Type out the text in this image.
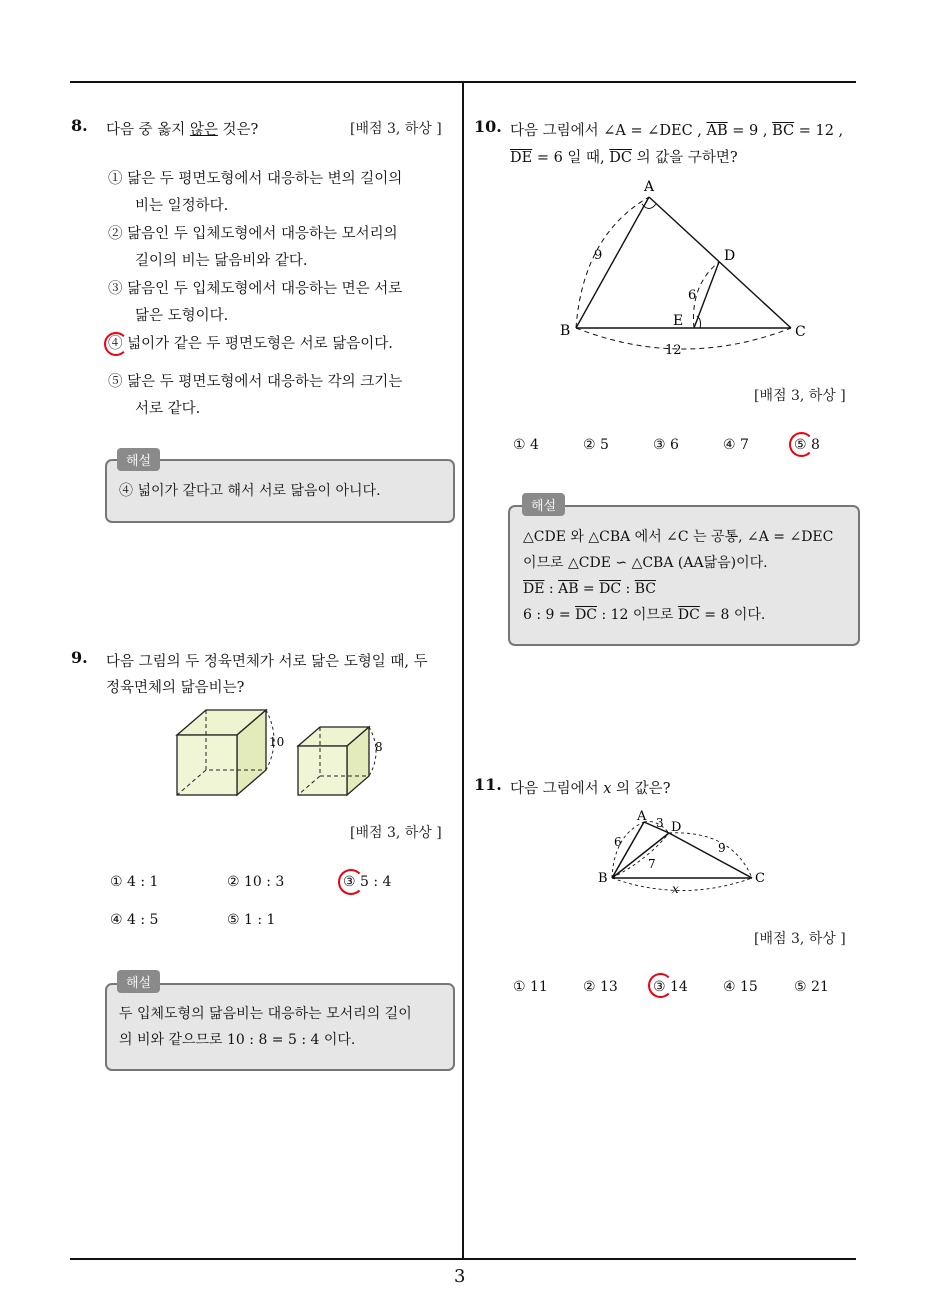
3
8. 다음 중 옳지 않은 것은?	[배점 3, 하상 ]
① 닮은 두 평면도형에서 대응하는 변의 길이의
비는 일정하다.
② 닮음인 두 입체도형에서 대응하는 모서리의
길이의 비는 닮음비와 같다.
③ 닮음인 두 입체도형에서 대응하는 면은 서로
닮은 도형이다.
④ 넓이가 같은 두 평면도형은 서로 닮음이다.
⑤ 닮은 두 평면도형에서 대응하는 각의 크기는
서로 같다.
④ 넓이가 같다고 해서 서로 닮음이 아니다.
해설
9. 다음 그림의 두 정육면체가 서로 닮은 도형일 때, 두
정육면체의 닮음비는?
10	8
[배점 3, 하상 ]
① 4 : 1	② 10 : 3	③ 5 : 4
④ 4 : 5	⑤ 1 : 1
두 입체도형의 닮음비는 대응하는 모서리의 길이
의 비와 같으므로 10 : 8 = 5 : 4 이다.
해설
10. 다음 그림에서 ∠A = ∠DEC , $\overline{AB} = 9$ , $\overline{BC} = 12$ ,
$\overline{DE} = 6$ 일 때, $\overline{DC}$ 의 값을 구하면?
A
B	C
D
E
9
6
12
[배점 3, 하상 ]
① 4	② 5	③ 6	④ 7	⑤ 8
△CDE 와 △CBA 에서 ∠C 는 공통, ∠A = ∠DEC
이므로 △CDE ∽ △CBA (AA닮음)이다.
$\overline{DE}$ : $\overline{AB} = \overline{DC}$ : $\overline{BC}$
6 : $9 = \overline{DC}$ : 12 이므로 $\overline{DC} = 8$ 이다.
해설
11. 다음 그림에서 x 의 값은?
A
B	C
D
6
3
7
9
x
[배점 3, 하상 ]
① 11	② 13	③ 14	④ 15	⑤ 21
